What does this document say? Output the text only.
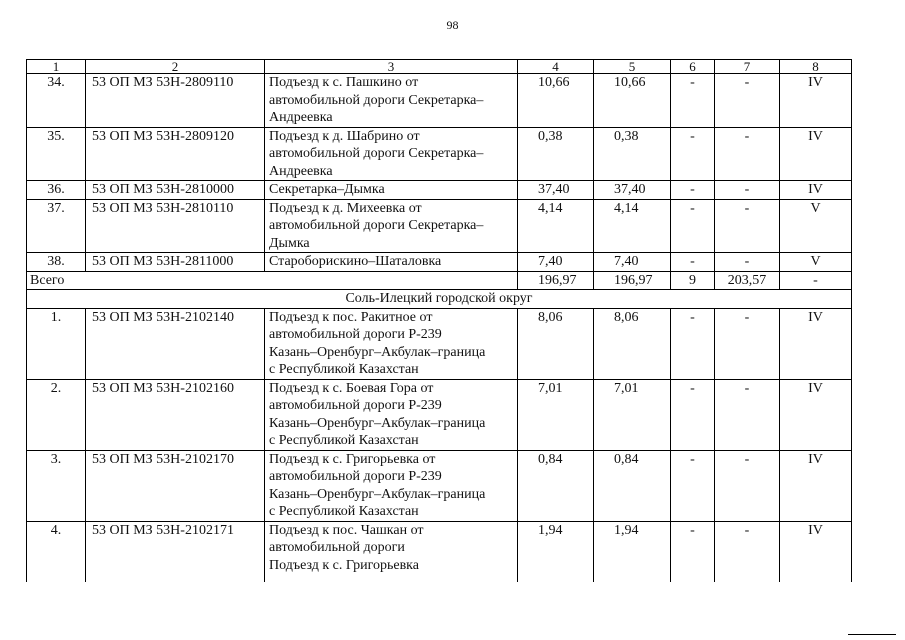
98
1	2	3	4	5	6	7	8
34.	53 ОП МЗ 53Н-2809110	Подъезд к с. Пашкино от
автомобильной дороги Секретарка–
Андреевка	10,66	10,66	-	-	IV
35.	53 ОП МЗ 53Н-2809120	Подъезд к д. Шабрино от
автомобильной дороги Секретарка–
Андреевка	0,38	0,38	-	-	IV
36.	53 ОП МЗ 53Н-2810000	Секретарка–Дымка	37,40	37,40	-	-	IV
37.	53 ОП МЗ 53Н-2810110	Подъезд к д. Михеевка от
автомобильной дороги Секретарка–
Дымка	4,14	4,14	-	-	V
38.	53 ОП МЗ 53Н-2811000	Староборискино–Шаталовка	7,40	7,40	-	-	V
Всего			196,97	196,97	9	203,57	-
Соль-Илецкий городской округ							
1.	53 ОП МЗ 53Н-2102140	Подъезд к пос. Ракитное от
автомобильной дороги Р-239
Казань–Оренбург–Акбулак–граница
с Республикой Казахстан	8,06	8,06	-	-	IV
2.	53 ОП МЗ 53Н-2102160	Подъезд к с. Боевая Гора от
автомобильной дороги Р-239
Казань–Оренбург–Акбулак–граница
с Республикой Казахстан	7,01	7,01	-	-	IV
3.	53 ОП МЗ 53Н-2102170	Подъезд к с. Григорьевка от
автомобильной дороги Р-239
Казань–Оренбург–Акбулак–граница
с Республикой Казахстан	0,84	0,84	-	-	IV
4.	53 ОП МЗ 53Н-2102171	Подъезд к пос. Чашкан от
автомобильной дороги
Подъезд к с. Григорьевка	1,94	1,94	-	-	IV
